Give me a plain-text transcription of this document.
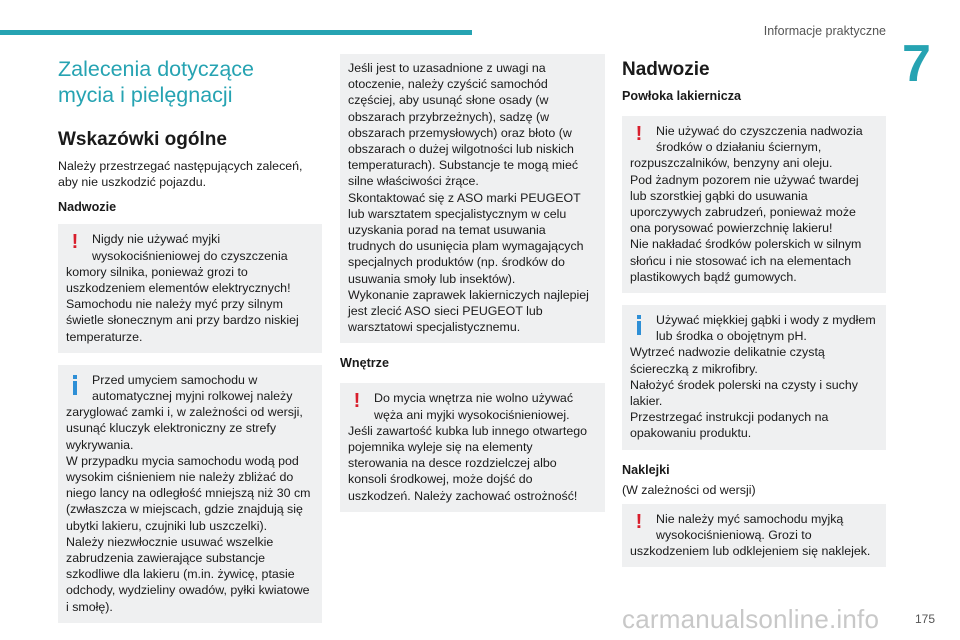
Informacje praktyczne
7
Zalecenia dotyczące
mycia i pielęgnacji
Wskazówki ogólne
Należy przestrzegać następujących zaleceń, aby nie uszkodzić pojazdu.
Nadwozie
!	Nigdy nie używać myjki wysokociśnieniowej do czyszczenia
komory silnika, ponieważ grozi to uszkodzeniem elementów elektrycznych!
Samochodu nie należy myć przy silnym świetle słonecznym ani przy bardzo niskiej temperaturze.
Przed umyciem samochodu w automatycznej myjni rolkowej należy
zaryglować zamki i, w zależności od wersji, usunąć kluczyk elektroniczny ze strefy wykrywania.
W przypadku mycia samochodu wodą pod wysokim ciśnieniem nie należy zbliżać do niego lancy na odległość mniejszą niż 30 cm (zwłaszcza w miejscach, gdzie znajdują się ubytki lakieru, czujniki lub uszczelki).
Należy niezwłocznie usuwać wszelkie zabrudzenia zawierające substancje szkodliwe dla lakieru (m.in. żywicę, ptasie odchody, wydzieliny owadów, pyłki kwiatowe i smołę).
Jeśli jest to uzasadnione z uwagi na otoczenie, należy czyścić samochód częściej, aby usunąć słone osady (w obszarach przybrzeżnych), sadzę (w obszarach przemysłowych) oraz błoto (w obszarach o dużej wilgotności lub niskich temperaturach). Substancje te mogą mieć silne właściwości żrące.
Skontaktować się z ASO marki PEUGEOT lub warsztatem specjalistycznym w celu uzyskania porad na temat usuwania trudnych do usunięcia plam wymagających specjalnych produktów (np. środków do usuwania smoły lub insektów).
Wykonanie zaprawek lakierniczych najlepiej jest zlecić ASO sieci PEUGEOT lub warsztatowi specjalistycznemu.
Wnętrze
!	Do mycia wnętrza nie wolno używać węża ani myjki wysokociśnieniowej.
Jeśli zawartość kubka lub innego otwartego pojemnika wyleje się na elementy sterowania na desce rozdzielczej albo konsoli środkowej, może dojść do uszkodzeń. Należy zachować ostrożność!
Nadwozie
Powłoka lakiernicza
!	Nie używać do czyszczenia nadwozia środków o działaniu ściernym,
rozpuszczalników, benzyny ani oleju.
Pod żadnym pozorem nie używać twardej lub szorstkiej gąbki do usuwania uporczywych zabrudzeń, ponieważ może ona porysować powierzchnię lakieru!
Nie nakładać środków polerskich w silnym słońcu i nie stosować ich na elementach plastikowych bądź gumowych.
Używać miękkiej gąbki i wody z mydłem lub środka o obojętnym pH.
Wytrzeć nadwozie delikatnie czystą ściereczką z mikrofibry.
Nałożyć środek polerski na czysty i suchy lakier.
Przestrzegać instrukcji podanych na opakowaniu produktu.
Naklejki
(W zależności od wersji)
!	Nie należy myć samochodu myjką wysokociśnieniową. Grozi to
uszkodzeniem lub odklejeniem się naklejek.
carmanualsonline.info	175
